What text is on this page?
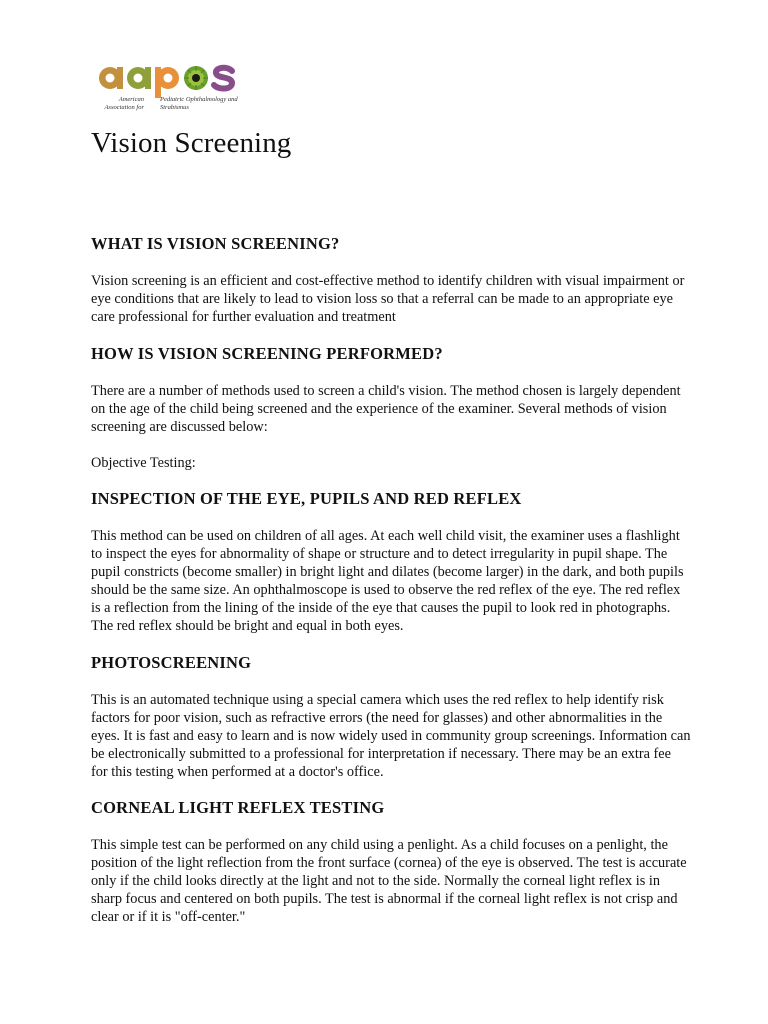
American Association for
Pediatric Ophthalmology and Strabismus
Vision Screening
WHAT IS VISION SCREENING?

Vision screening is an efficient and cost-effective method to identify children with visual impairment or eye conditions that are likely to lead to vision loss so that a referral can be made to an appropriate eye care professional for further evaluation and treatment

HOW IS VISION SCREENING PERFORMED?

There are a number of methods used to screen a child's vision. The method chosen is largely dependent on the age of the child being screened and the experience of the examiner. Several methods of vision screening are discussed below:

Objective Testing:

INSPECTION OF THE EYE, PUPILS AND RED REFLEX

This method can be used on children of all ages. At each well child visit, the examiner uses a flashlight to inspect the eyes for abnormality of shape or structure and to detect irregularity in pupil shape. The pupil constricts (become smaller) in bright light and dilates (become larger) in the dark, and both pupils should be the same size. An ophthalmoscope is used to observe the red reflex of the eye. The red reflex is a reflection from the lining of the inside of the eye that causes the pupil to look red in photographs. The red reflex should be bright and equal in both eyes.

PHOTOSCREENING

This is an automated technique using a special camera which uses the red reflex to help identify risk factors for poor vision, such as refractive errors (the need for glasses) and other abnormalities in the eyes. It is fast and easy to learn and is now widely used in community group screenings. Information can be electronically submitted to a professional for interpretation if necessary. There may be an extra fee for this testing when performed at a doctor's office.

CORNEAL LIGHT REFLEX TESTING

This simple test can be performed on any child using a penlight. As a child focuses on a penlight, the position of the light reflection from the front surface (cornea) of the eye is observed. The test is accurate only if the child looks directly at the light and not to the side. Normally the corneal light reflex is in sharp focus and centered on both pupils. The test is abnormal if the corneal light reflex is not crisp and clear or if it is "off-center."
